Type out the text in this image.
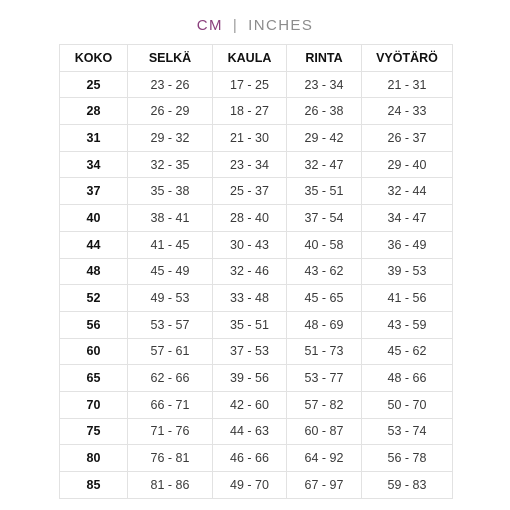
CM | INCHES
KOKO	SELKÄ	KAULA	RINTA	VYÖTÄRÖ
25	23 - 26	17 - 25	23 - 34	21 - 31
28	26 - 29	18 - 27	26 - 38	24 - 33
31	29 - 32	21 - 30	29 - 42	26 - 37
34	32 - 35	23 - 34	32 - 47	29 - 40
37	35 - 38	25 - 37	35 - 51	32 - 44
40	38 - 41	28 - 40	37 - 54	34 - 47
44	41 - 45	30 - 43	40 - 58	36 - 49
48	45 - 49	32 - 46	43 - 62	39 - 53
52	49 - 53	33 - 48	45 - 65	41 - 56
56	53 - 57	35 - 51	48 - 69	43 - 59
60	57 - 61	37 - 53	51 - 73	45 - 62
65	62 - 66	39 - 56	53 - 77	48 - 66
70	66 - 71	42 - 60	57 - 82	50 - 70
75	71 - 76	44 - 63	60 - 87	53 - 74
80	76 - 81	46 - 66	64 - 92	56 - 78
85	81 - 86	49 - 70	67 - 97	59 - 83
